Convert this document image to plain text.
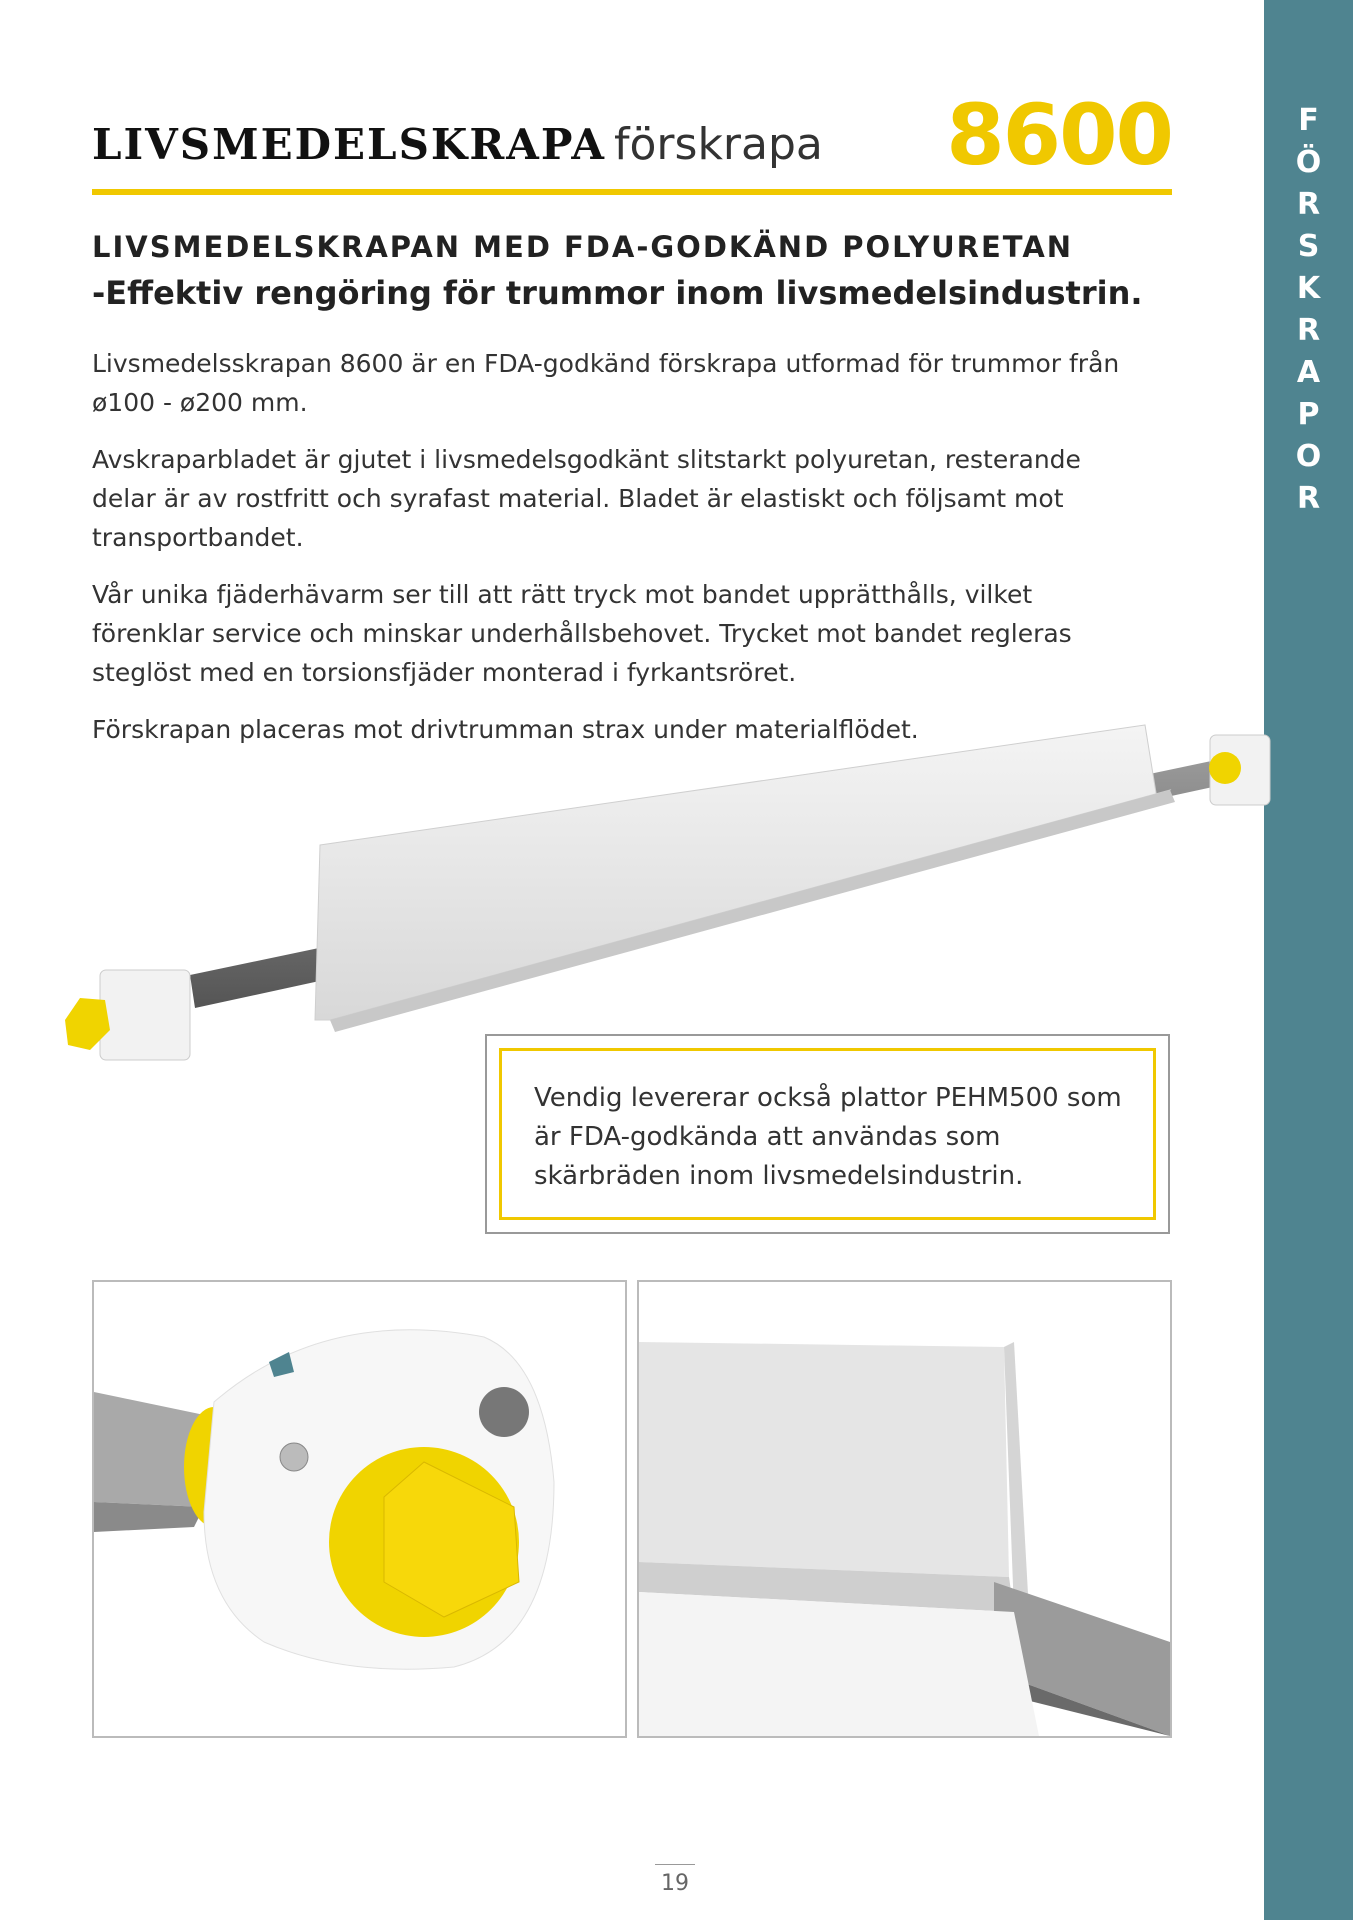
F
Ö
R
S
K
R
A
P
O
R
LIVSMEDELSKRAPA förskrapa 8600
LIVSMEDELSKRAPAN MED FDA-GODKÄND POLYURETAN
-Effektiv rengöring för trummor inom livsmedelsindustrin.

Livsmedelsskrapan 8600 är en FDA-godkänd förskrapa utformad för trummor från ø100 - ø200 mm.

Avskraparbladet är gjutet i livsmedelsgodkänt slitstarkt polyuretan, resterande delar är av rostfritt och syrafast material. Bladet är elastiskt och följsamt mot transportbandet.

Vår unika fjäderhävarm ser till att rätt tryck mot bandet upprätthålls, vilket förenklar service och minskar underhållsbehovet. Trycket mot bandet regleras steglöst med en torsionsfjäder monterad i fyrkantsröret.

Förskrapan placeras mot drivtrumman strax under materialflödet.

Vendig levererar också plattor PEHM500 som är FDA-godkända att användas som skärbräden inom livsmedelsindustrin.
19
